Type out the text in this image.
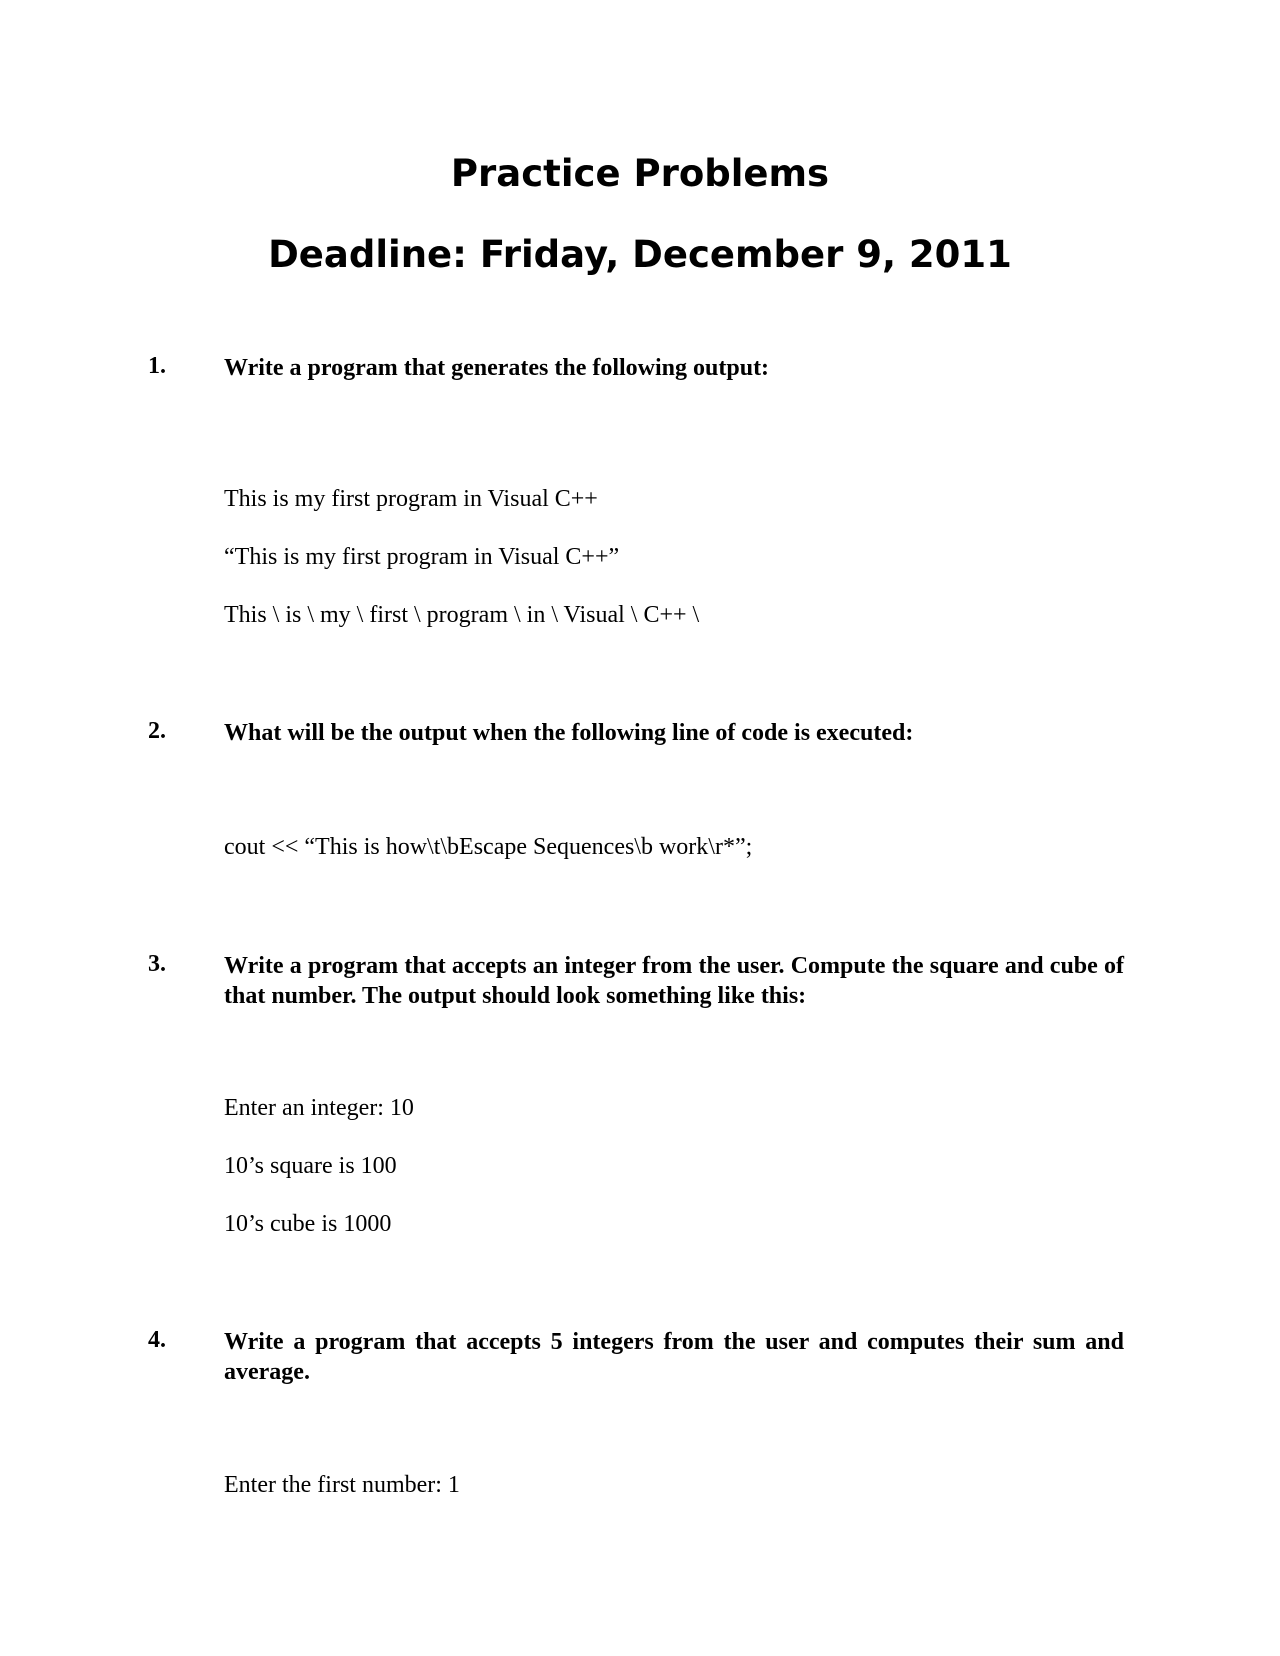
Practice Problems
Deadline: Friday, December 9, 2011

1. Write a program that generates the following output:

This is my first program in Visual C++

“This is my first program in Visual C++”

This \ is \ my \ first \ program \ in \ Visual \ C++ \

2. What will be the output when the following line of code is executed:

cout << “This is how\t\bEscape Sequences\b work\r*”;

3. Write a program that accepts an integer from the user. Compute the square and cube of that number. The output should look something like this:

Enter an integer: 10

10’s square is 100

10’s cube is 1000

4. Write a program that accepts 5 integers from the user and computes their sum and average.

Enter the first number: 1
